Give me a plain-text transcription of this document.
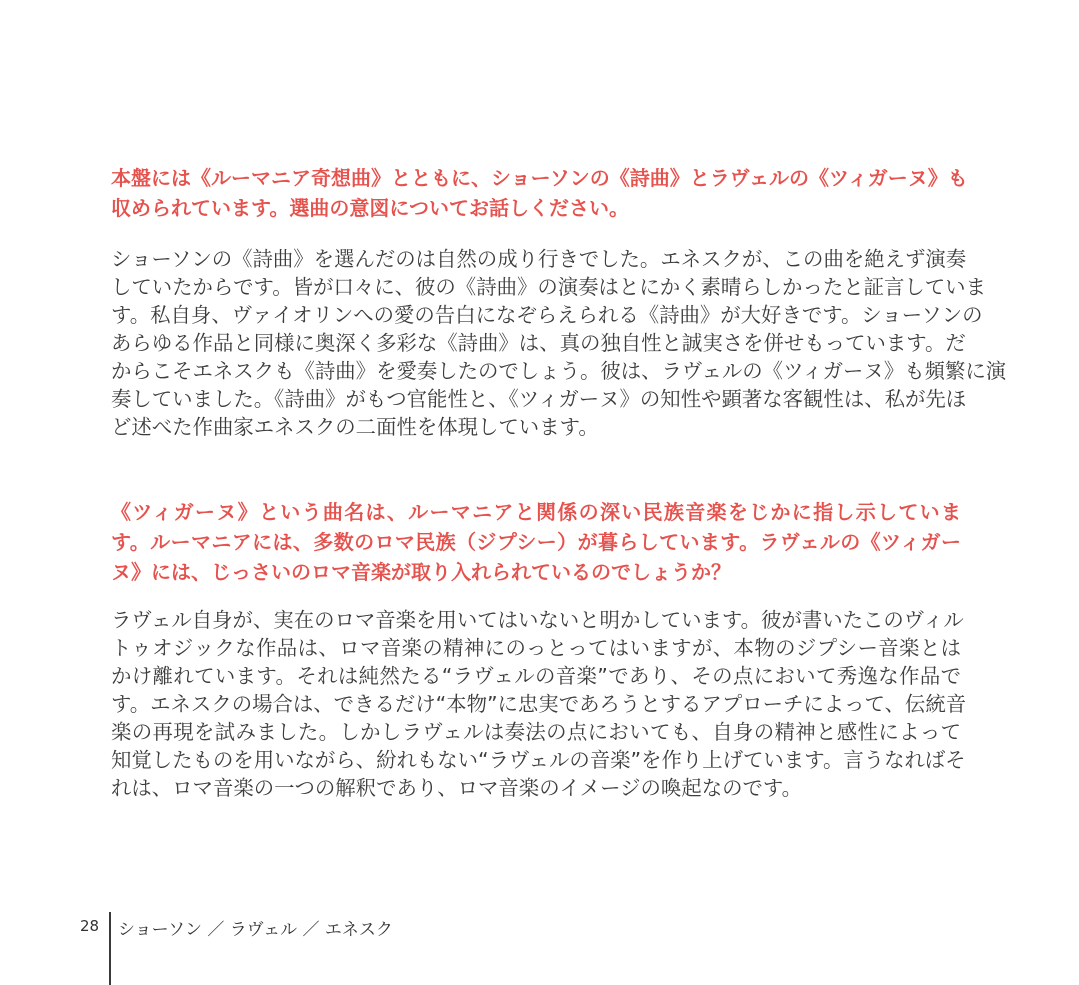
本盤には《ルーマニア奇想曲》とともに、ショーソンの《詩曲》とラヴェルの《ツィガーヌ》も
収められています。選曲の意図についてお話しください。

ショーソンの《詩曲》を選んだのは自然の成り行きでした。エネスクが、この曲を絶えず演奏
していたからです。皆が口々に、彼の《詩曲》の演奏はとにかく素晴らしかったと証言していま
す。私自身、ヴァイオリンへの愛の告白になぞらえられる《詩曲》が大好きです。ショーソンの
あらゆる作品と同様に奥深く多彩な《詩曲》は、真の独自性と誠実さを併せもっています。だ
からこそエネスクも《詩曲》を愛奏したのでしょう。彼は、ラヴェルの《ツィガーヌ》も頻繁に演
奏していました。《詩曲》がもつ官能性と、《ツィガーヌ》の知性や顕著な客観性は、私が先ほ
ど述べた作曲家エネスクの二面性を体現しています。

《ツィガーヌ》という曲名は、ルーマニアと関係の深い民族音楽をじかに指し示していま
す。ルーマニアには、多数のロマ民族（ジプシー）が暮らしています。ラヴェルの《ツィガー
ヌ》には、じっさいのロマ音楽が取り入れられているのでしょうか？

ラヴェル自身が、実在のロマ音楽を用いてはいないと明かしています。彼が書いたこのヴィル
トゥオジックな作品は、ロマ音楽の精神にのっとってはいますが、本物のジプシー音楽とは
かけ離れています。それは純然たる“ラヴェルの音楽”であり、その点において秀逸な作品で
す。エネスクの場合は、できるだけ“本物”に忠実であろうとするアプローチによって、伝統音
楽の再現を試みました。しかしラヴェルは奏法の点においても、自身の精神と感性によって
知覚したものを用いながら、紛れもない“ラヴェルの音楽”を作り上げています。言うなればそ
れは、ロマ音楽の一つの解釈であり、ロマ音楽のイメージの喚起なのです。

28 ショーソン ／ ラヴェル ／ エネスク
